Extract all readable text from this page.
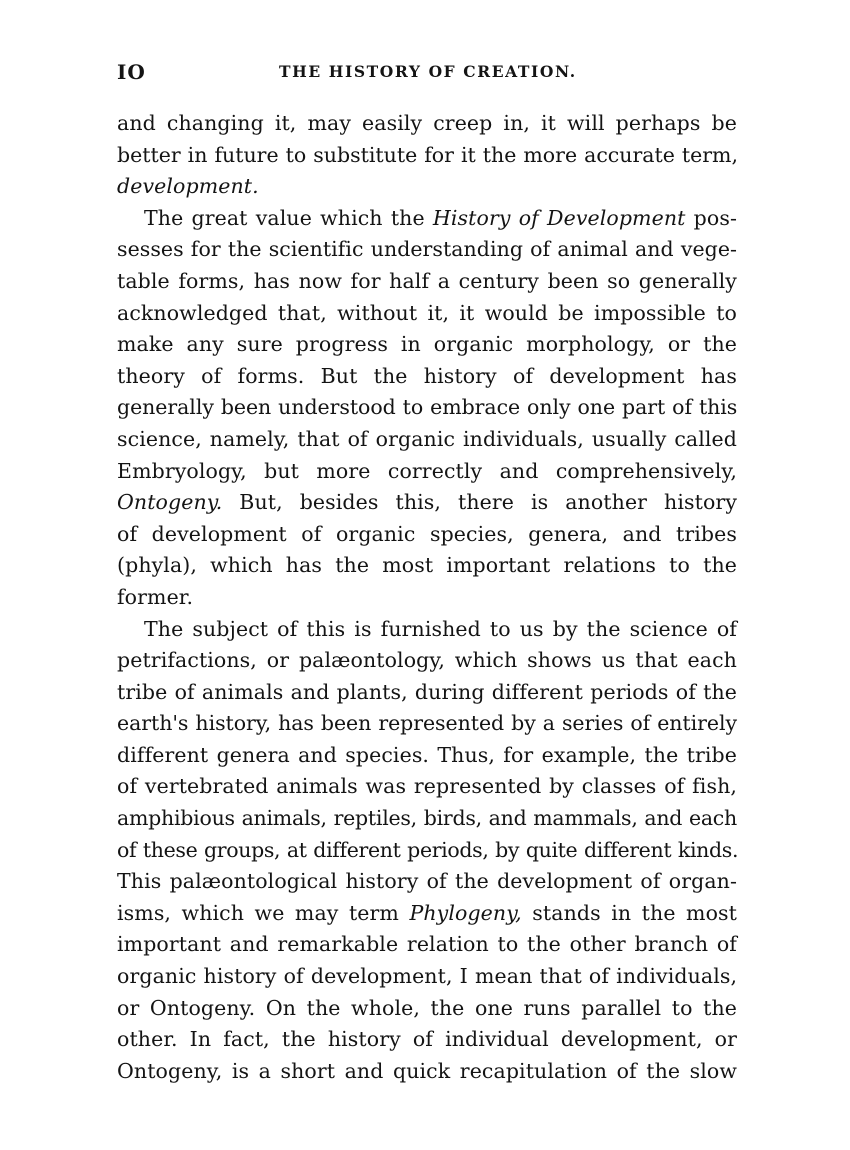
IO	THE HISTORY OF CREATION.
and changing it, may easily creep in, it will perhaps be
better in future to substitute for it the more accurate term,
development.
The great value which the History of Development pos-
sesses for the scientific understanding of animal and vege-
table forms, has now for half a century been so generally
acknowledged that, without it, it would be impossible to
make any sure progress in organic morphology, or the
theory of forms. But the history of development has
generally been understood to embrace only one part of this
science, namely, that of organic individuals, usually called
Embryology, but more correctly and comprehensively,
Ontogeny. But, besides this, there is another history
of development of organic species, genera, and tribes
(phyla), which has the most important relations to the
former.
The subject of this is furnished to us by the science of
petrifactions, or palæontology, which shows us that each
tribe of animals and plants, during different periods of the
earth's history, has been represented by a series of entirely
different genera and species. Thus, for example, the tribe
of vertebrated animals was represented by classes of fish,
amphibious animals, reptiles, birds, and mammals, and each
of these groups, at different periods, by quite different kinds.
This palæontological history of the development of organ-
isms, which we may term Phylogeny, stands in the most
important and remarkable relation to the other branch of
organic history of development, I mean that of individuals,
or Ontogeny. On the whole, the one runs parallel to the
other. In fact, the history of individual development, or
Ontogeny, is a short and quick recapitulation of the slow
